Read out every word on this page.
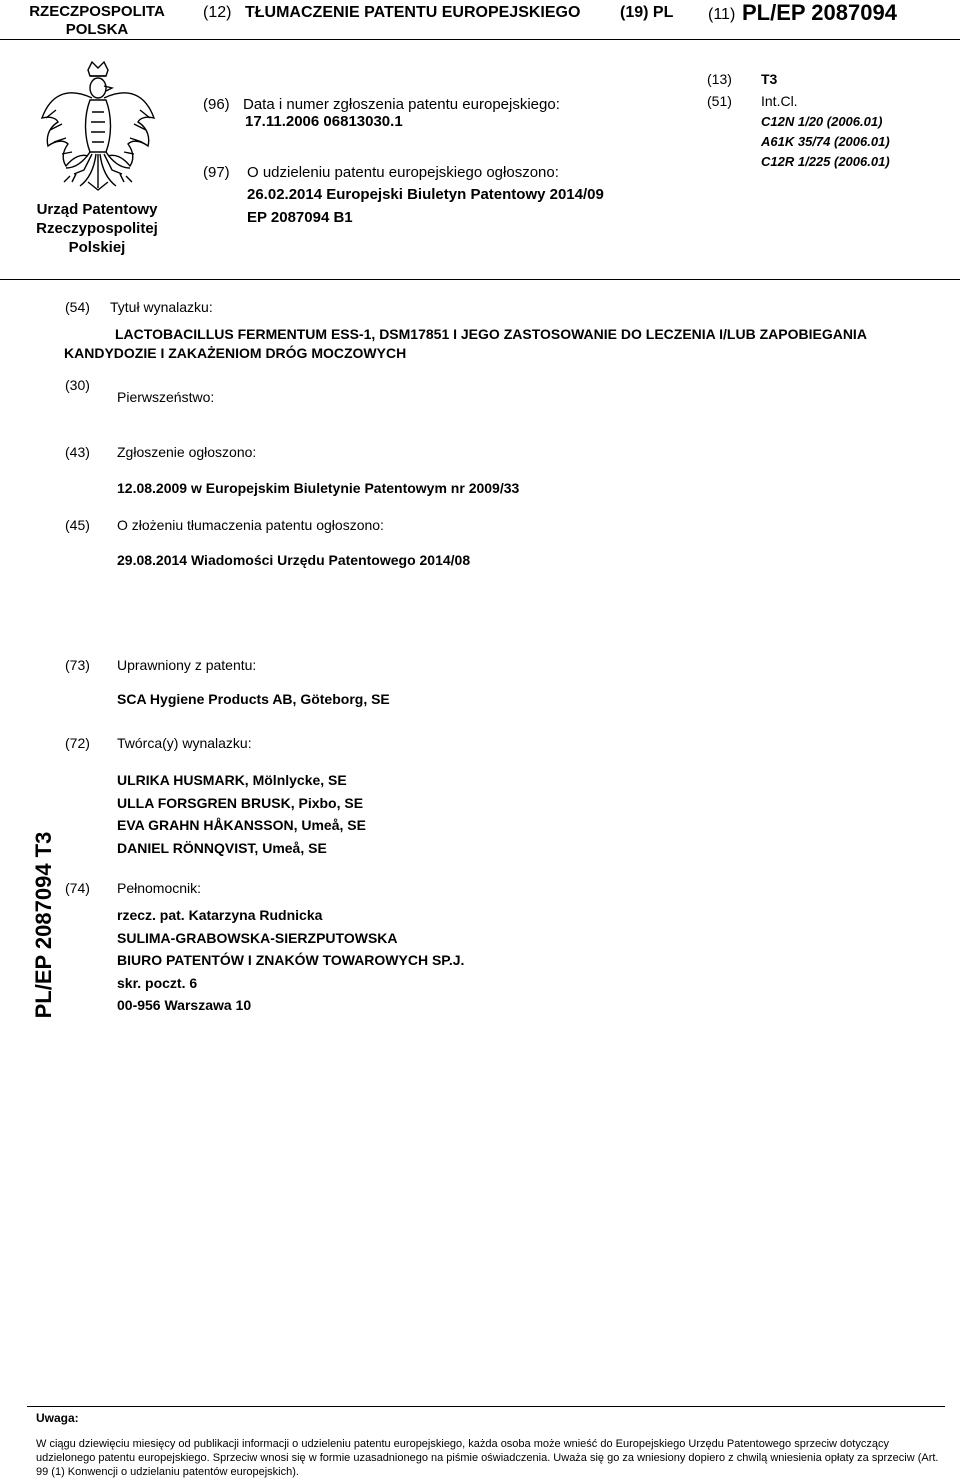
RZECZPOSPOLITA
POLSKA
(12) TŁUMACZENIE PATENTU EUROPEJSKIEGO (19) PL (11) PL/EP 2087094
Urząd Patentowy
Rzeczypospolitej
Polskiej
(96) Data i numer zgłoszenia patentu europejskiego:
17.11.2006 06813030.1
(97) O udzieleniu patentu europejskiego ogłoszono:
26.02.2014 Europejski Biuletyn Patentowy 2014/09
EP 2087094 B1
(13) T3
(51) Int.Cl.
C12N 1/20 (2006.01)
A61K 35/74 (2006.01)
C12R 1/225 (2006.01)
(54) Tytuł wynalazku:
LACTOBACILLUS FERMENTUM ESS-1, DSM17851 I JEGO ZASTOSOWANIE DO LECZENIA I/LUB ZAPOBIEGANIA
KANDYDOZIE I ZAKAŻENIOM DRÓG MOCZOWYCH
(30)
Pierwszeństwo:
(43) Zgłoszenie ogłoszono:
12.08.2009 w Europejskim Biuletynie Patentowym nr 2009/33
(45) O złożeniu tłumaczenia patentu ogłoszono:
29.08.2014 Wiadomości Urzędu Patentowego 2014/08
(73) Uprawniony z patentu:
SCA Hygiene Products AB, Göteborg, SE
(72) Twórca(y) wynalazku:
ULRIKA HUSMARK, Mölnlycke, SE
ULLA FORSGREN BRUSK, Pixbo, SE
EVA GRAHN HÅKANSSON, Umeå, SE
DANIEL RÖNNQVIST, Umeå, SE
PL/EP 2087094 T3 (74) Pełnomocnik:
rzecz. pat. Katarzyna Rudnicka
SULIMA-GRABOWSKA-SIERZPUTOWSKA
BIURO PATENTÓW I ZNAKÓW TOWAROWYCH SP.J.
skr. poczt. 6
00-956 Warszawa 10
Uwaga:
W ciągu dziewięciu miesięcy od publikacji informacji o udzieleniu patentu europejskiego, każda osoba może wnieść do Europejskiego Urzędu Patentowego sprzeciw dotyczący udzielonego patentu europejskiego. Sprzeciw wnosi się w formie uzasadnionego na piśmie oświadczenia. Uważa się go za wniesiony dopiero z chwilą wniesienia opłaty za sprzeciw (Art. 99 (1) Konwencji o udzielaniu patentów europejskich).
